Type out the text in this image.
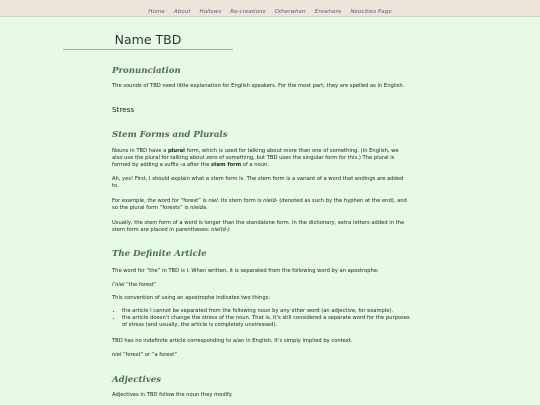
Home About Hallows Re-creations Otherwhen Erewhere Neocities Page
Name TBD
Pronunciation

The sounds of TBD need little explanation for English speakers. For the most part, they are spelled as in English.

Stress
Stem Forms and Plurals

Nouns in TBD have a plural form, which is used for talking about more than one of something. (In English, we also use the plural for talking about zero of something, but TBD uses the singular form for this.) The plural is formed by adding a suffix -a after the stem form of a noun.

Ah, yes! First, I should explain what a stem form is. The stem form is a variant of a word that endings are added to.

For example, the word for “forest” is niel. Its stem form is nield- (denoted as such by the hyphen at the end), and so the plural form “forests” is nielda.

Usually, the stem form of a word is longer than the standalone form. In the dictionary, extra letters added in the stem form are placed in parentheses: niel(d-)

The Definite Article

The word for “the” in TBD is l. When written, it is separated from the following word by an apostrophe:

l’niel “the forest”

This convention of using an apostrophe indicates two things:

• the article l cannot be separated from the following noun by any other word (an adjective, for example).
• the article doesn’t change the stress of the noun. That is, it’s still considered a separate word for the purposes of stress (and usually, the article is completely unstressed).

TBD has no indefinite article corresponding to a/an in English. It’s simply implied by context.

niel “forest” or “a forest”

Adjectives

Adjectives in TBD follow the noun they modify.
